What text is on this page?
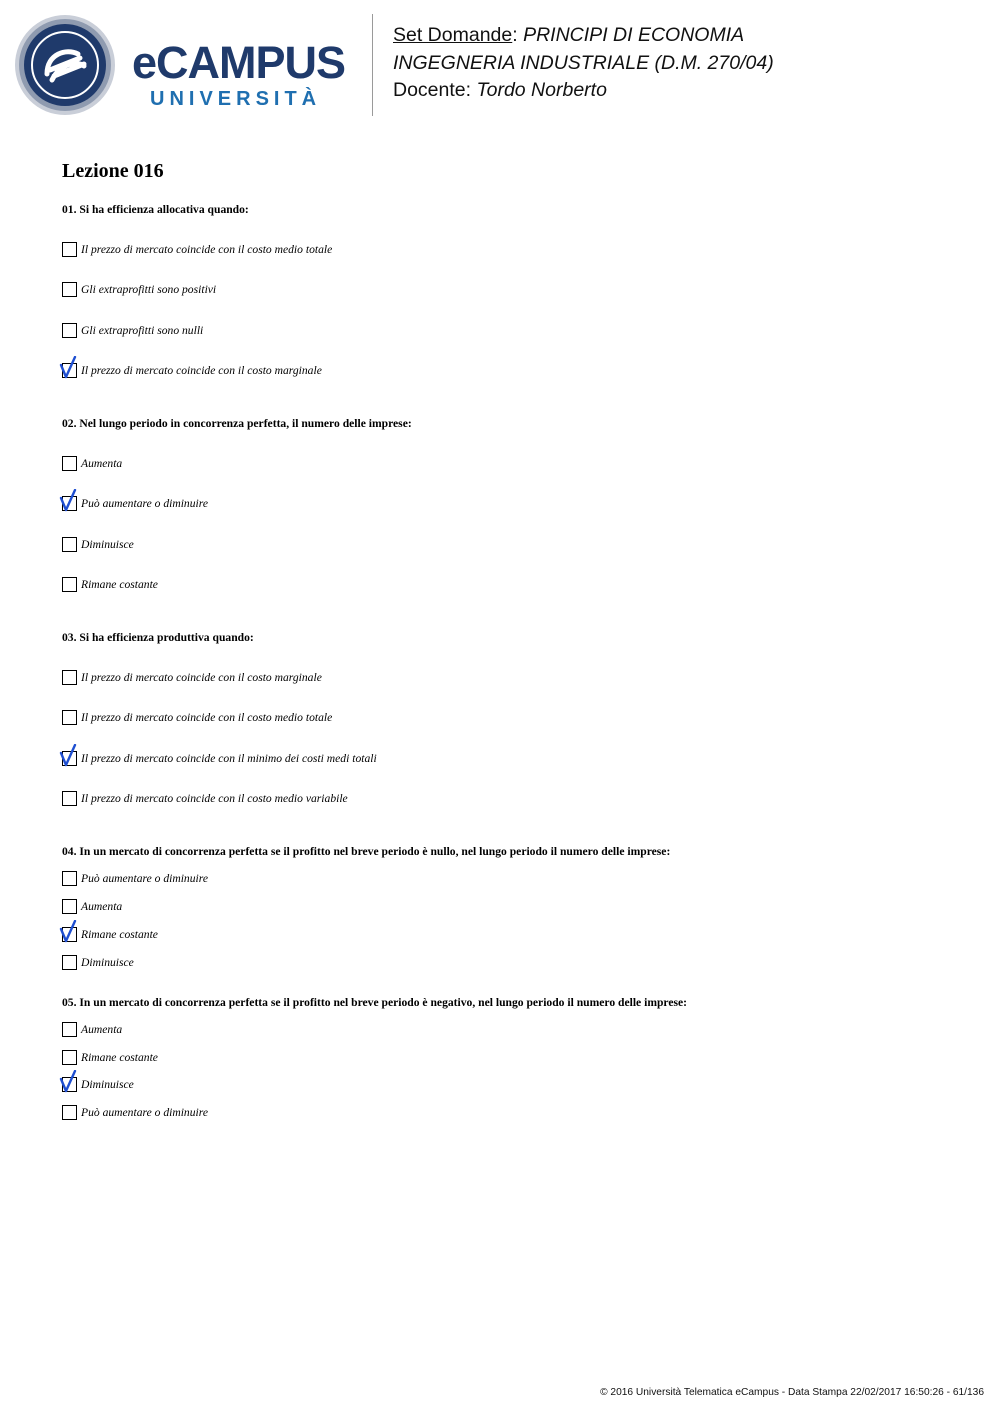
eCAMPUS
UNIVERSITÀ
Set Domande: PRINCIPI DI ECONOMIA
INGEGNERIA INDUSTRIALE (D.M. 270/04)
Docente: Tordo Norberto
Lezione 016
01. Si ha efficienza allocativa quando:
Il prezzo di mercato coincide con il costo medio totale
Gli extraprofitti sono positivi
Gli extraprofitti sono nulli
Il prezzo di mercato coincide con il costo marginale
02. Nel lungo periodo in concorrenza perfetta, il numero delle imprese:
Aumenta
Può aumentare o diminuire
Diminuisce
Rimane costante
03. Si ha efficienza produttiva quando:
Il prezzo di mercato coincide con il costo marginale
Il prezzo di mercato coincide con il costo medio totale
Il prezzo di mercato coincide con il minimo dei costi medi totali
Il prezzo di mercato coincide con il costo medio variabile
04. In un mercato di concorrenza perfetta se il profitto nel breve periodo è nullo, nel lungo periodo il numero delle imprese:
Può aumentare o diminuire
Aumenta
Rimane costante
Diminuisce
05. In un mercato di concorrenza perfetta se il profitto nel breve periodo è negativo, nel lungo periodo il numero delle imprese:
Aumenta
Rimane costante
Diminuisce
Può aumentare o diminuire
© 2016 Università Telematica eCampus - Data Stampa 22/02/2017 16:50:26 - 61/136
